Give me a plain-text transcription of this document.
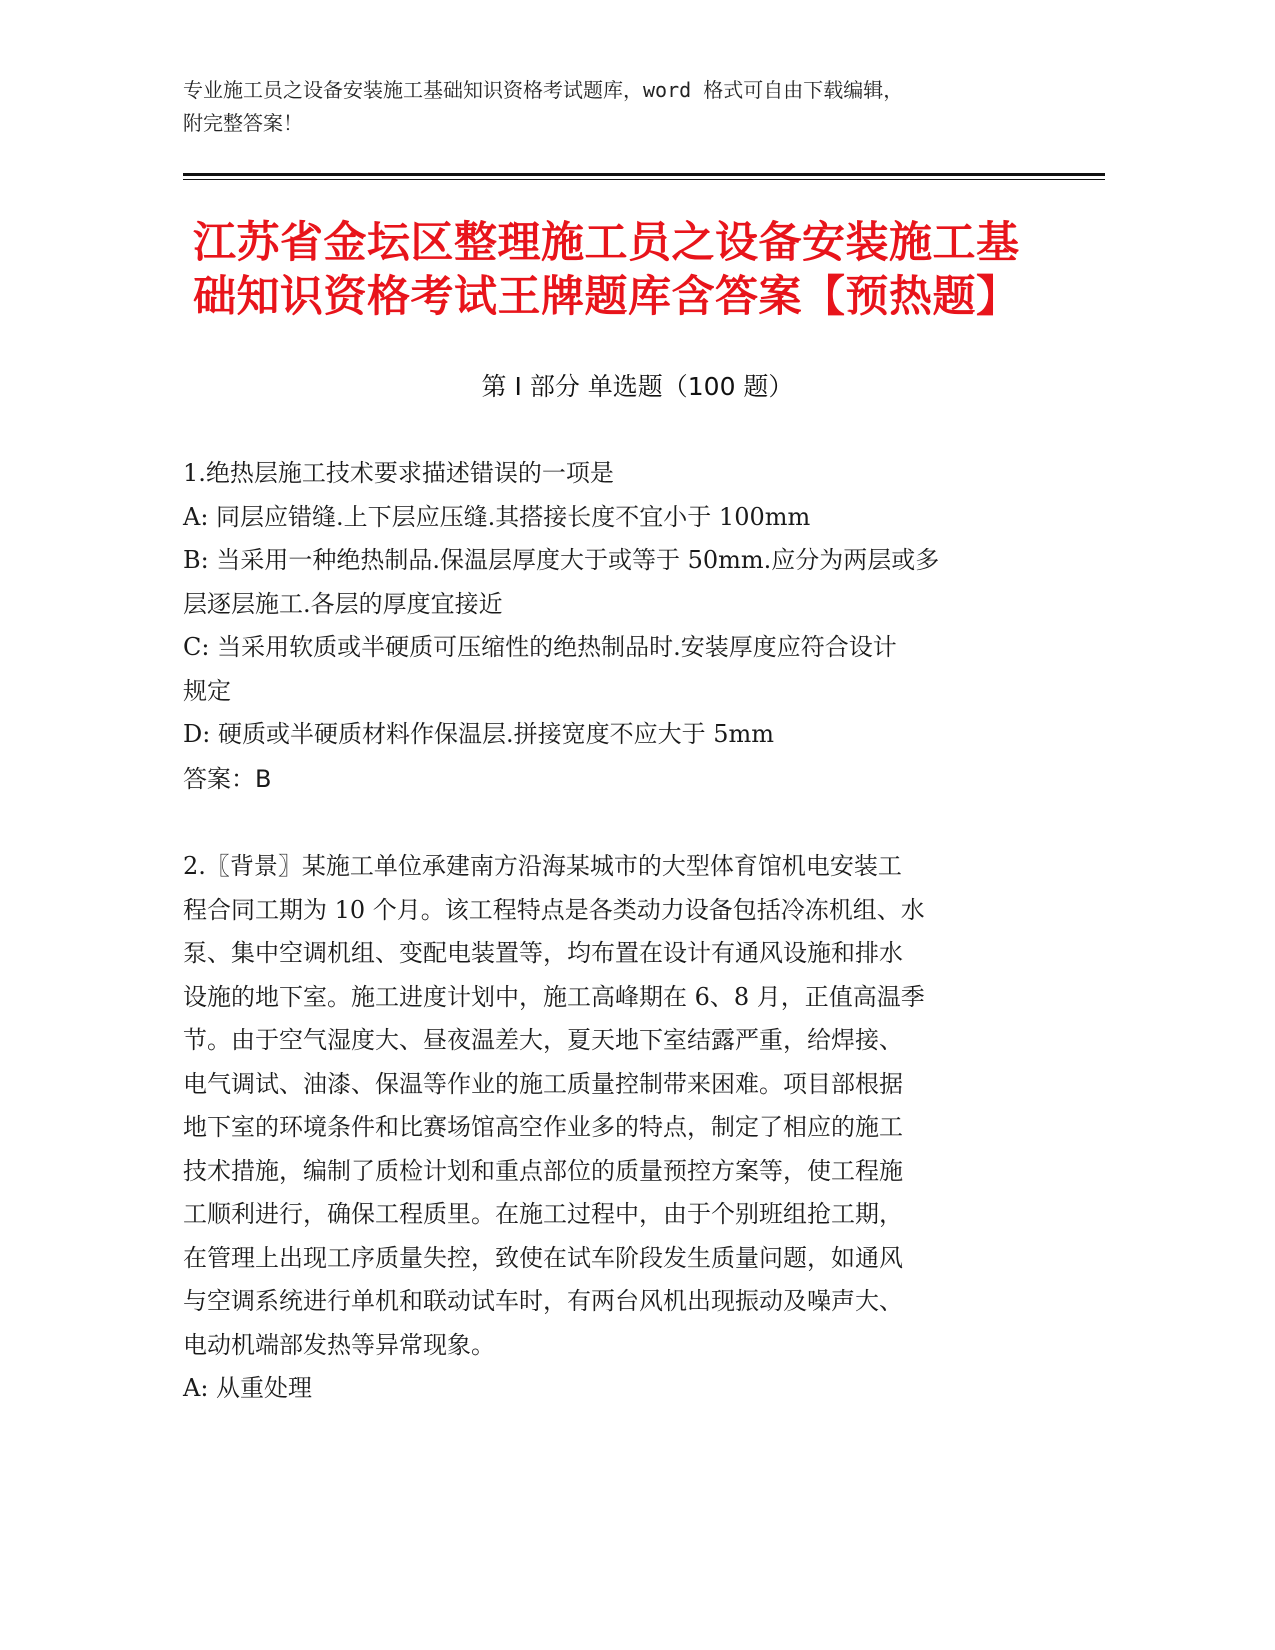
专业施工员之设备安装施工基础知识资格考试题库，word 格式可自由下载编辑，
附完整答案！
江苏省金坛区整理施工员之设备安装施工基
础知识资格考试王牌题库含答案【预热题】
第 I 部分 单选题（100 题）
1.绝热层施工技术要求描述错误的一项是
A: 同层应错缝.上下层应压缝.其搭接长度不宜小于 100mm
B: 当采用一种绝热制品.保温层厚度大于或等于 50mm.应分为两层或多
层逐层施工.各层的厚度宜接近
C: 当采用软质或半硬质可压缩性的绝热制品时.安装厚度应符合设计
规定
D: 硬质或半硬质材料作保温层.拼接宽度不应大于 5mm
答案：B
2.〖背景〗某施工单位承建南方沿海某城市的大型体育馆机电安装工
程合同工期为 10 个月。该工程特点是各类动力设备包括冷冻机组、水
泵、集中空调机组、变配电装置等，均布置在设计有通风设施和排水
设施的地下室。施工进度计划中，施工高峰期在 6、8 月，正值高温季
节。由于空气湿度大、昼夜温差大，夏天地下室结露严重，给焊接、
电气调试、油漆、保温等作业的施工质量控制带来困难。项目部根据
地下室的环境条件和比赛场馆高空作业多的特点，制定了相应的施工
技术措施，编制了质检计划和重点部位的质量预控方案等，使工程施
工顺利进行，确保工程质里。在施工过程中，由于个别班组抢工期，
在管理上出现工序质量失控，致使在试车阶段发生质量问题，如通风
与空调系统进行单机和联动试车时，有两台风机出现振动及噪声大、
电动机端部发热等异常现象。
A: 从重处理
